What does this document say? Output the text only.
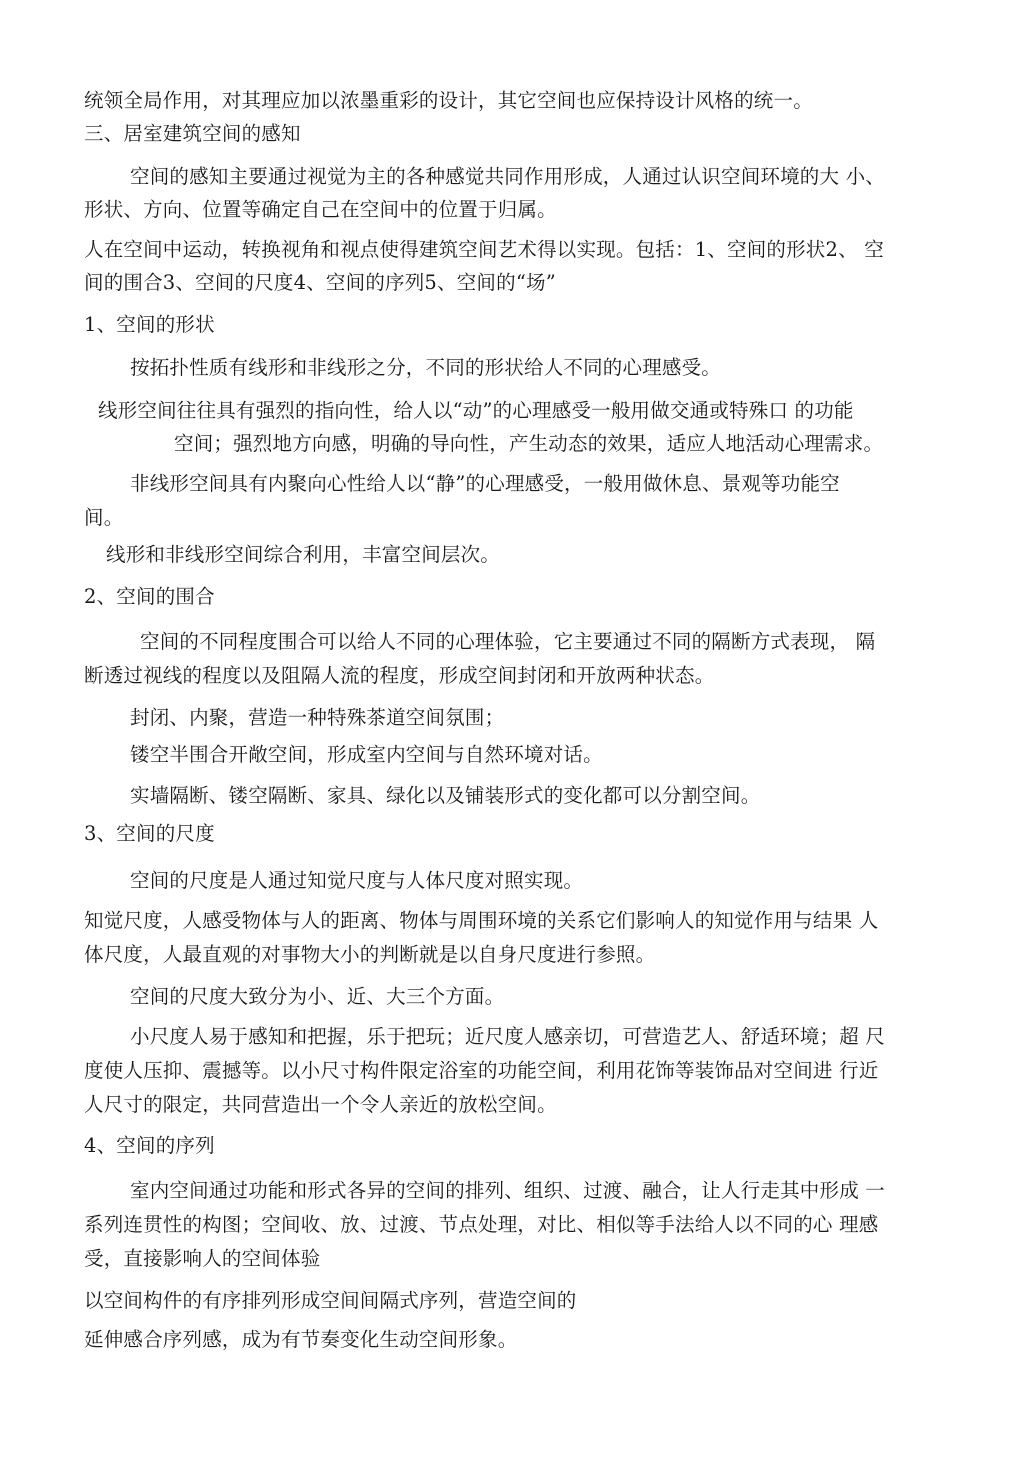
统领全局作用，对其理应加以浓墨重彩的设计，其它空间也应保持设计风格的统一。
三、居室建筑空间的感知
空间的感知主要通过视觉为主的各种感觉共同作用形成，人通过认识空间环境的大 小、
形状、方向、位置等确定自己在空间中的位置于归属。
人在空间中运动，转换视角和视点使得建筑空间艺术得以实现。包括：1、空间的形状2、 空
间的围合3、空间的尺度4、空间的序列5、空间的“场”
1、空间的形状
按拓扑性质有线形和非线形之分，不同的形状给人不同的心理感受。
线形空间往往具有强烈的指向性，给人以“动”的心理感受一般用做交通或特殊口 的功能
空间；强烈地方向感，明确的导向性，产生动态的效果，适应人地活动心理需求。
非线形空间具有内聚向心性给人以“静”的心理感受，一般用做休息、景观等功能空
间。
线形和非线形空间综合利用，丰富空间层次。
2、空间的围合
空间的不同程度围合可以给人不同的心理体验，它主要通过不同的隔断方式表现， 隔
断透过视线的程度以及阻隔人流的程度，形成空间封闭和开放两种状态。
封闭、内聚，营造一种特殊茶道空间氛围；
镂空半围合开敞空间，形成室内空间与自然环境对话。
实墙隔断、镂空隔断、家具、绿化以及铺装形式的变化都可以分割空间。
3、空间的尺度
空间的尺度是人通过知觉尺度与人体尺度对照实现。
知觉尺度，人感受物体与人的距离、物体与周围环境的关系它们影响人的知觉作用与结果 人
体尺度，人最直观的对事物大小的判断就是以自身尺度进行参照。
空间的尺度大致分为小、近、大三个方面。
小尺度人易于感知和把握，乐于把玩；近尺度人感亲切，可营造艺人、舒适环境；超 尺
度使人压抑、震撼等。以小尺寸构件限定浴室的功能空间，利用花饰等装饰品对空间进 行近
人尺寸的限定，共同营造出一个令人亲近的放松空间。
4、空间的序列
室内空间通过功能和形式各异的空间的排列、组织、过渡、融合，让人行走其中形成 一
系列连贯性的构图；空间收、放、过渡、节点处理，对比、相似等手法给人以不同的心 理感
受，直接影响人的空间体验
以空间构件的有序排列形成空间间隔式序列，营造空间的
延伸感合序列感，成为有节奏变化生动空间形象。
